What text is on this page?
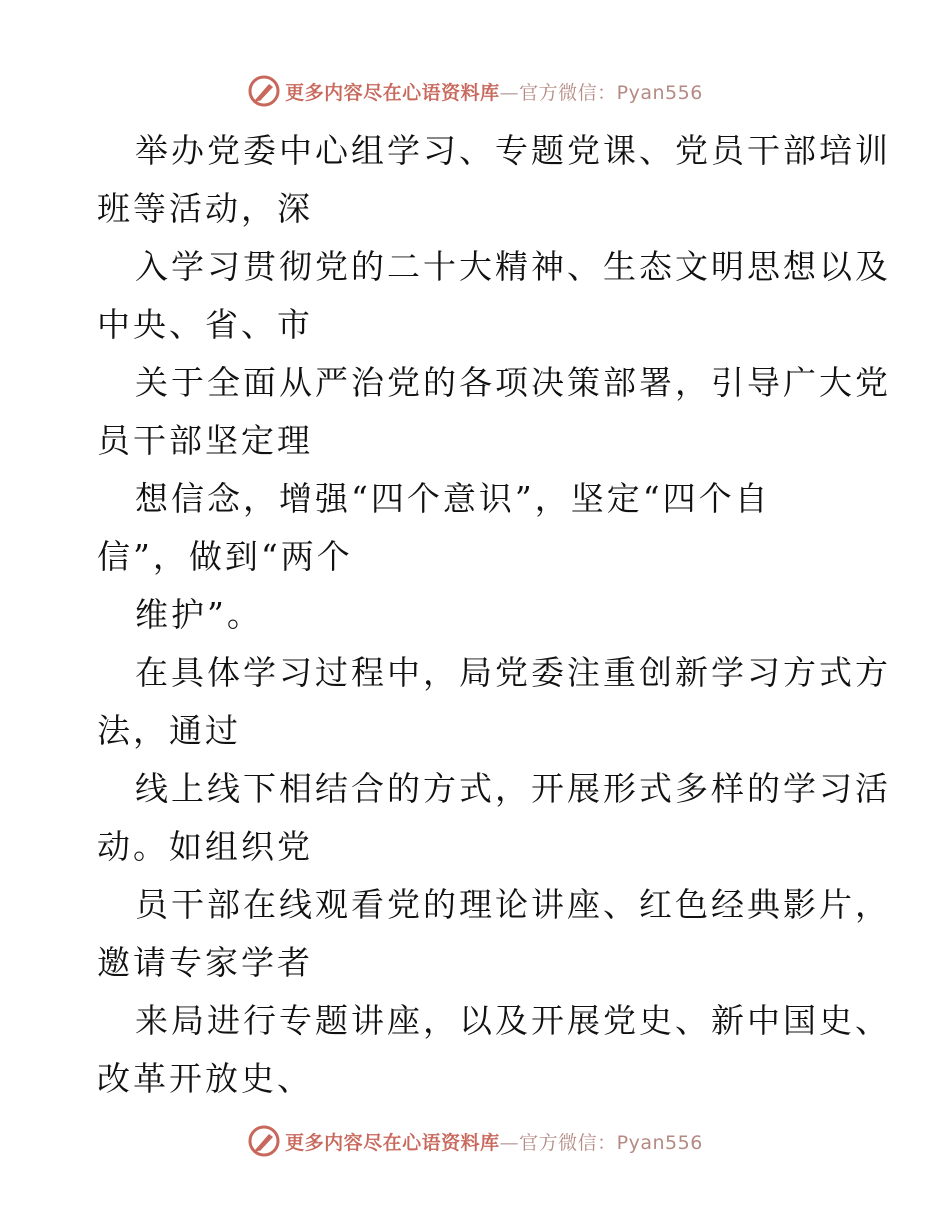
更多内容尽在心语资料库—官方微信：Pyan556
举办党委中心组学习、专题党课、党员干部培训
班等活动，深
入学习贯彻党的二十大精神、生态文明思想以及
中央、省、市
关于全面从严治党的各项决策部署，引导广大党
员干部坚定理
想信念，增强“四个意识”，坚定“四个自
信”，做到“两个
维护”。
在具体学习过程中，局党委注重创新学习方式方
法，通过
线上线下相结合的方式，开展形式多样的学习活
动。如组织党
员干部在线观看党的理论讲座、红色经典影片，
邀请专家学者
来局进行专题讲座，以及开展党史、新中国史、
改革开放史、
更多内容尽在心语资料库—官方微信：Pyan556
